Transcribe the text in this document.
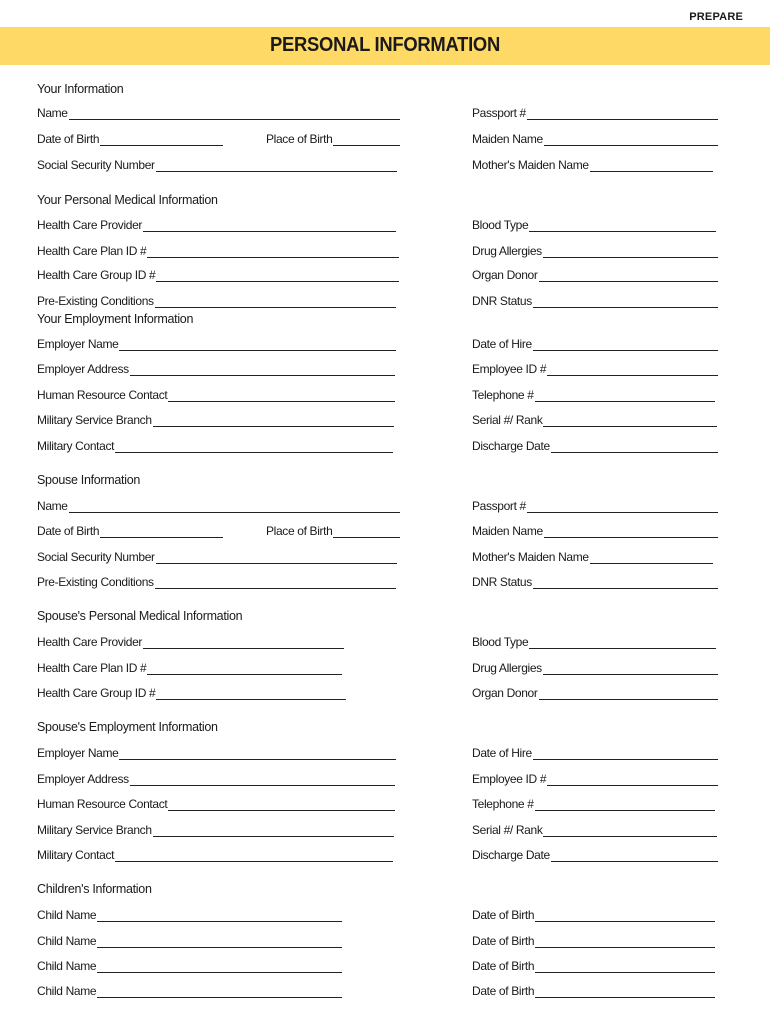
PREPARE
PERSONAL INFORMATION
Your Information
Name	Passport #
Date of Birth	Place of Birth	Maiden Name
Social Security Number	Mother's Maiden Name
Your Personal Medical Information
Health Care Provider	Blood Type
Health Care Plan ID #	Drug Allergies
Health Care Group ID #	Organ Donor
Pre-Existing Conditions	DNR Status
Your Employment Information
Employer Name	Date of Hire
Employer Address	Employee ID #
Human Resource Contact	Telephone #
Military Service Branch	Serial #/ Rank
Military Contact	Discharge Date
Spouse Information
Name	Passport #
Date of Birth	Place of Birth	Maiden Name
Social Security Number	Mother's Maiden Name
Pre-Existing Conditions	DNR Status
Spouse's Personal Medical Information
Health Care Provider	Blood Type
Health Care Plan ID #	Drug Allergies
Health Care Group ID #	Organ Donor
Spouse's Employment Information
Employer Name	Date of Hire
Employer Address	Employee ID #
Human Resource Contact	Telephone #
Military Service Branch	Serial #/ Rank
Military Contact	Discharge Date
Children's Information
Child Name	Date of Birth
Child Name	Date of Birth
Child Name	Date of Birth
Child Name	Date of Birth
